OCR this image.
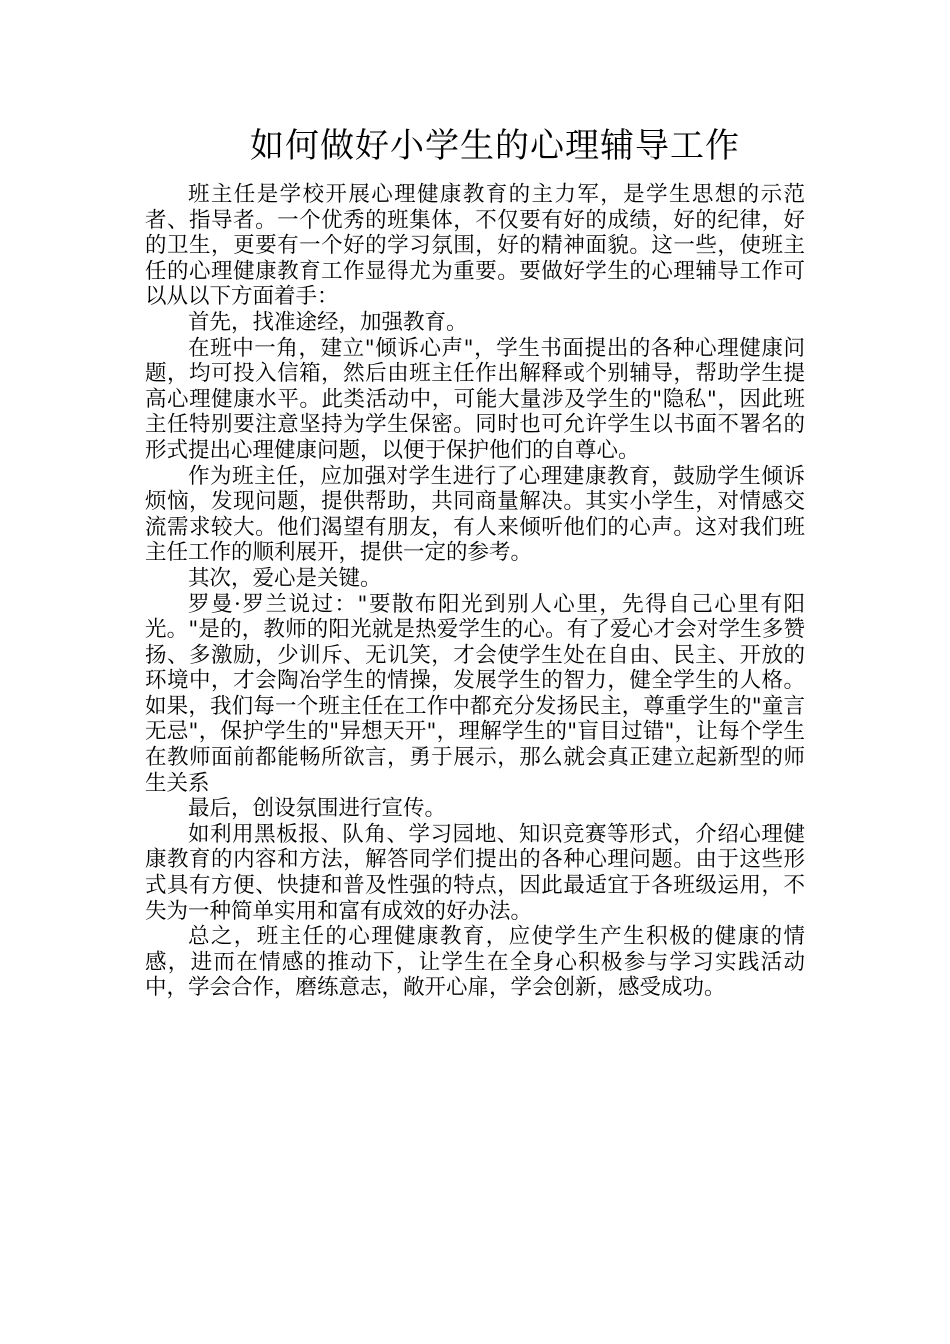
如何做好小学生的心理辅导工作

班主任是学校开展心理健康教育的主力军，是学生思想的示范者、指导者。一个优秀的班集体，不仅要有好的成绩，好的纪律，好的卫生，更要有一个好的学习氛围，好的精神面貌。这一些，使班主任的心理健康教育工作显得尤为重要。要做好学生的心理辅导工作可以从以下方面着手：

首先，找准途经，加强教育。

在班中一角，建立"倾诉心声"，学生书面提出的各种心理健康问题，均可投入信箱，然后由班主任作出解释或个别辅导，帮助学生提高心理健康水平。此类活动中，可能大量涉及学生的"隐私"，因此班主任特别要注意坚持为学生保密。同时也可允许学生以书面不署名的形式提出心理健康问题，以便于保护他们的自尊心。

作为班主任，应加强对学生进行了心理建康教育，鼓励学生倾诉烦恼，发现问题，提供帮助，共同商量解决。其实小学生，对情感交流需求较大。他们渴望有朋友，有人来倾听他们的心声。这对我们班主任工作的顺利展开，提供一定的参考。

其次，爱心是关键。

罗曼·罗兰说过："要散布阳光到别人心里，先得自己心里有阳光。"是的，教师的阳光就是热爱学生的心。有了爱心才会对学生多赞扬、多激励，少训斥、无讥笑，才会使学生处在自由、民主、开放的环境中，才会陶冶学生的情操，发展学生的智力，健全学生的人格。如果，我们每一个班主任在工作中都充分发扬民主，尊重学生的"童言无忌"，保护学生的"异想天开"，理解学生的"盲目过错"，让每个学生在教师面前都能畅所欲言，勇于展示，那么就会真正建立起新型的师生关系

最后，创设氛围进行宣传。

如利用黑板报、队角、学习园地、知识竞赛等形式，介绍心理健康教育的内容和方法，解答同学们提出的各种心理问题。由于这些形式具有方便、快捷和普及性强的特点，因此最适宜于各班级运用，不失为一种简单实用和富有成效的好办法。

总之，班主任的心理健康教育，应使学生产生积极的健康的情感，进而在情感的推动下，让学生在全身心积极参与学习实践活动中，学会合作，磨练意志，敞开心扉，学会创新，感受成功。
